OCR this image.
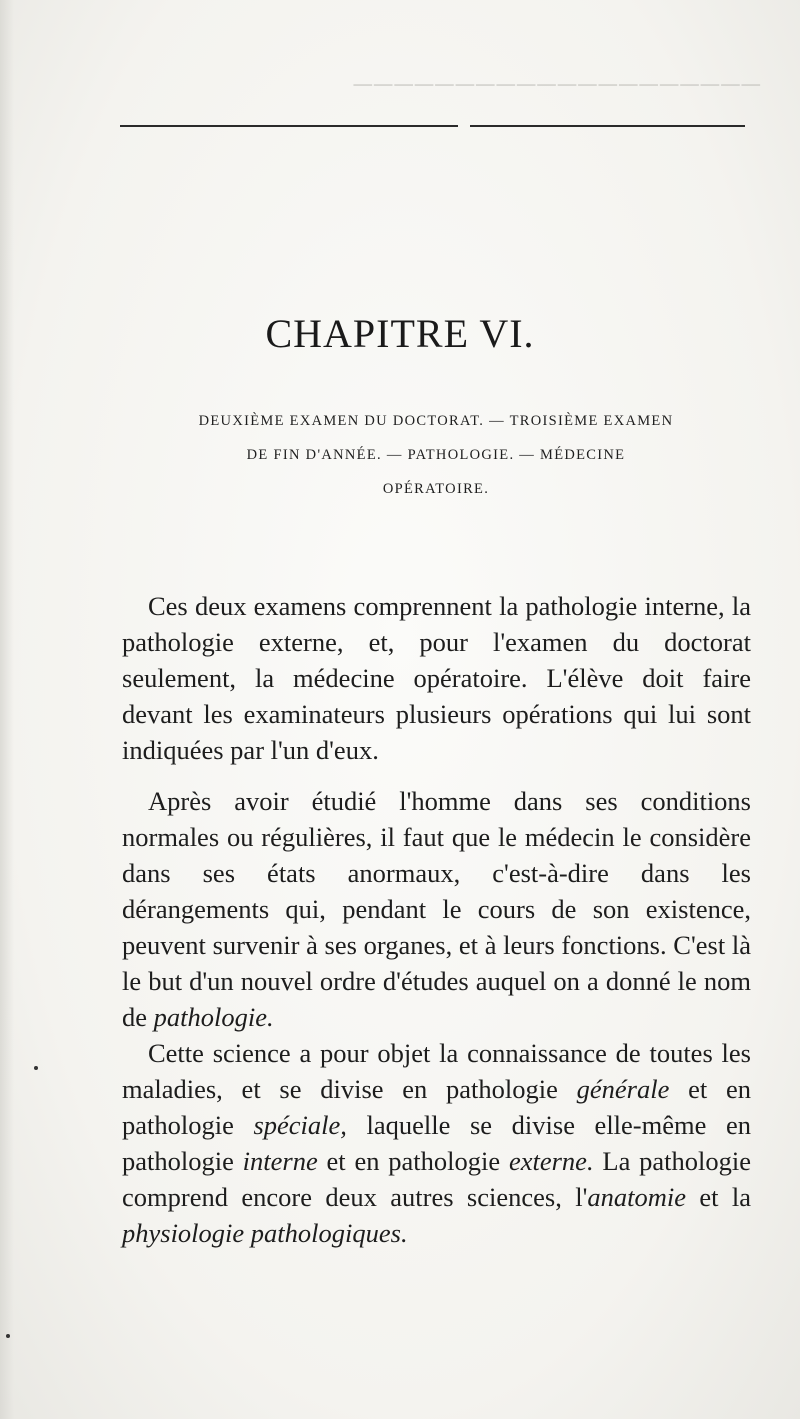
────────────────────
CHAPITRE VI.
DEUXIÈME EXAMEN DU DOCTORAT. — TROISIÈME EXAMEN
DE FIN D'ANNÉE. — PATHOLOGIE. — MÉDECINE
OPÉRATOIRE.

Ces deux examens comprennent la pathologie interne, la pathologie externe, et, pour l'examen du doctorat seulement, la médecine opératoire. L'élève doit faire devant les examinateurs plusieurs opérations qui lui sont indiquées par l'un d'eux.

Après avoir étudié l'homme dans ses conditions normales ou régulières, il faut que le médecin le considère dans ses états anormaux, c'est-à-dire dans les dérangements qui, pendant le cours de son existence, peuvent survenir à ses organes, et à leurs fonctions. C'est là le but d'un nouvel ordre d'études auquel on a donné le nom de pathologie.

Cette science a pour objet la connaissance de toutes les maladies, et se divise en pathologie générale et en pathologie spéciale, laquelle se divise elle-même en pathologie interne et en pathologie externe. La pathologie comprend encore deux autres sciences, l'anatomie et la physiologie pathologiques.
